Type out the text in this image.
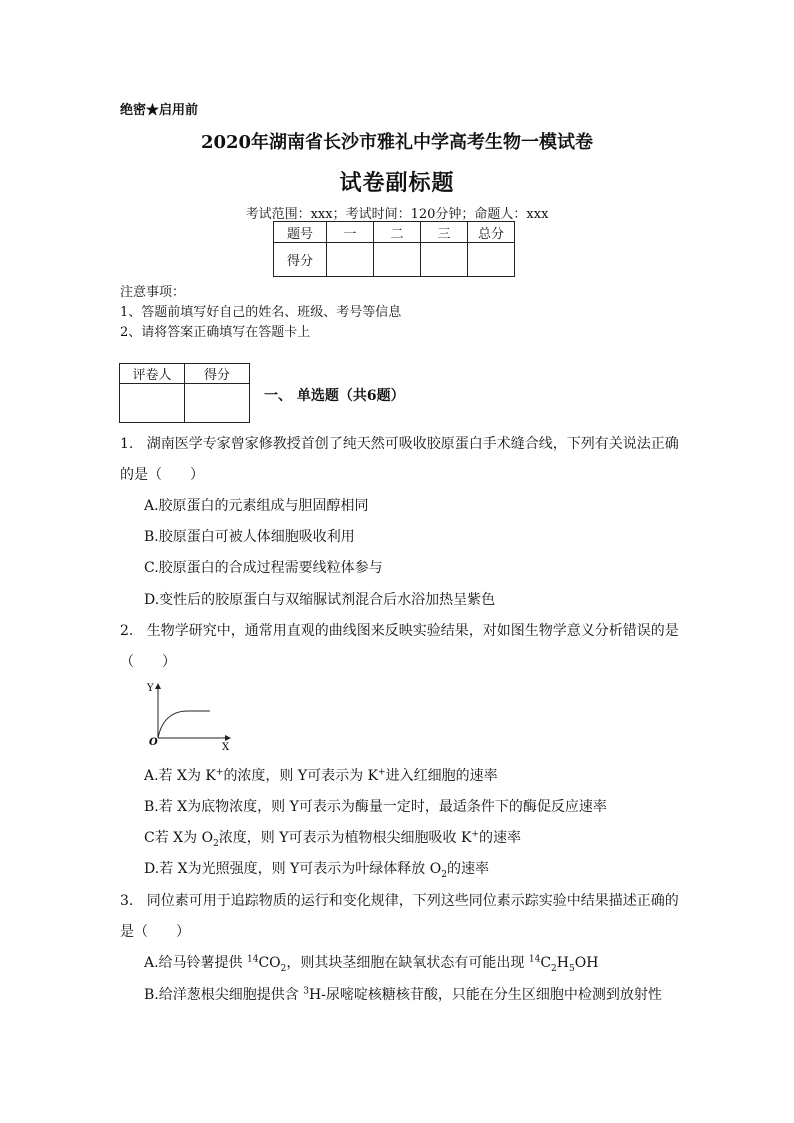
绝密★启用前
2020年湖南省长沙市雅礼中学高考生物一模试卷
试卷副标题
考试范围：xxx；考试时间：120分钟；命题人：xxx
题号	一	二	三	总分
得分				
注意事项：
1、答题前填写好自己的姓名、班级、考号等信息
2、请将答案正确填写在答题卡上
评卷人	得分

一、 单选题（共6题）
1. 湖南医学专家曾家修教授首创了纯天然可吸收胶原蛋白手术缝合线，下列有关说法正确
的是（　　）
A.胶原蛋白的元素组成与胆固醇相同
B.胶原蛋白可被人体细胞吸收利用
C.胶原蛋白的合成过程需要线粒体参与
D.变性后的胶原蛋白与双缩脲试剂混合后水浴加热呈紫色
2. 生物学研究中，通常用直观的曲线图来反映实验结果，对如图生物学意义分析错误的是
（　　）
Y
X
O
A.若 X为 K+的浓度，则 Y可表示为 K+进入红细胞的速率
B.若 X为底物浓度，则 Y可表示为酶量一定时，最适条件下的酶促反应速率
C若 X为 $O_2$浓度，则 Y可表示为植物根尖细胞吸收 K+的速率
D.若 X为光照强度，则 Y可表示为叶绿体释放 $O_2$的速率
3. 同位素可用于追踪物质的运行和变化规律，下列这些同位素示踪实验中结果描述正确的
是（　　）
A.给马铃薯提供 $^{14}CO_2$，则其块茎细胞在缺氧状态有可能出现 $^{14}C_2H_5OH$
B.给洋葱根尖细胞提供含 $^3$H-尿嘧啶核糖核苷酸，只能在分生区细胞中检测到放射性
